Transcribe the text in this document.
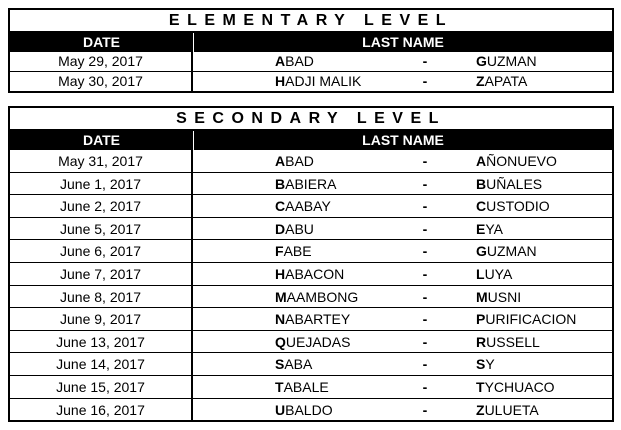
ELEMENTARY LEVEL
DATE	LAST NAME
May 29, 2017	ABAD	-	GUZMAN
May 30, 2017	HADJI MALIK	-	ZAPATA
SECONDARY LEVEL
DATE	LAST NAME
May 31, 2017	ABAD	-	AÑONUEVO
June 1, 2017	BABIERA	-	BUÑALES
June 2, 2017	CAABAY	-	CUSTODIO
June 5, 2017	DABU	-	EYA
June 6, 2017	FABE	-	GUZMAN
June 7, 2017	HABACON	-	LUYA
June 8, 2017	MAAMBONG	-	MUSNI
June 9, 2017	NABARTEY	-	PURIFICACION
June 13, 2017	QUEJADAS	-	RUSSELL
June 14, 2017	SABA	-	SY
June 15, 2017	TABALE	-	TYCHUACO
June 16, 2017	UBALDO	-	ZULUETA
